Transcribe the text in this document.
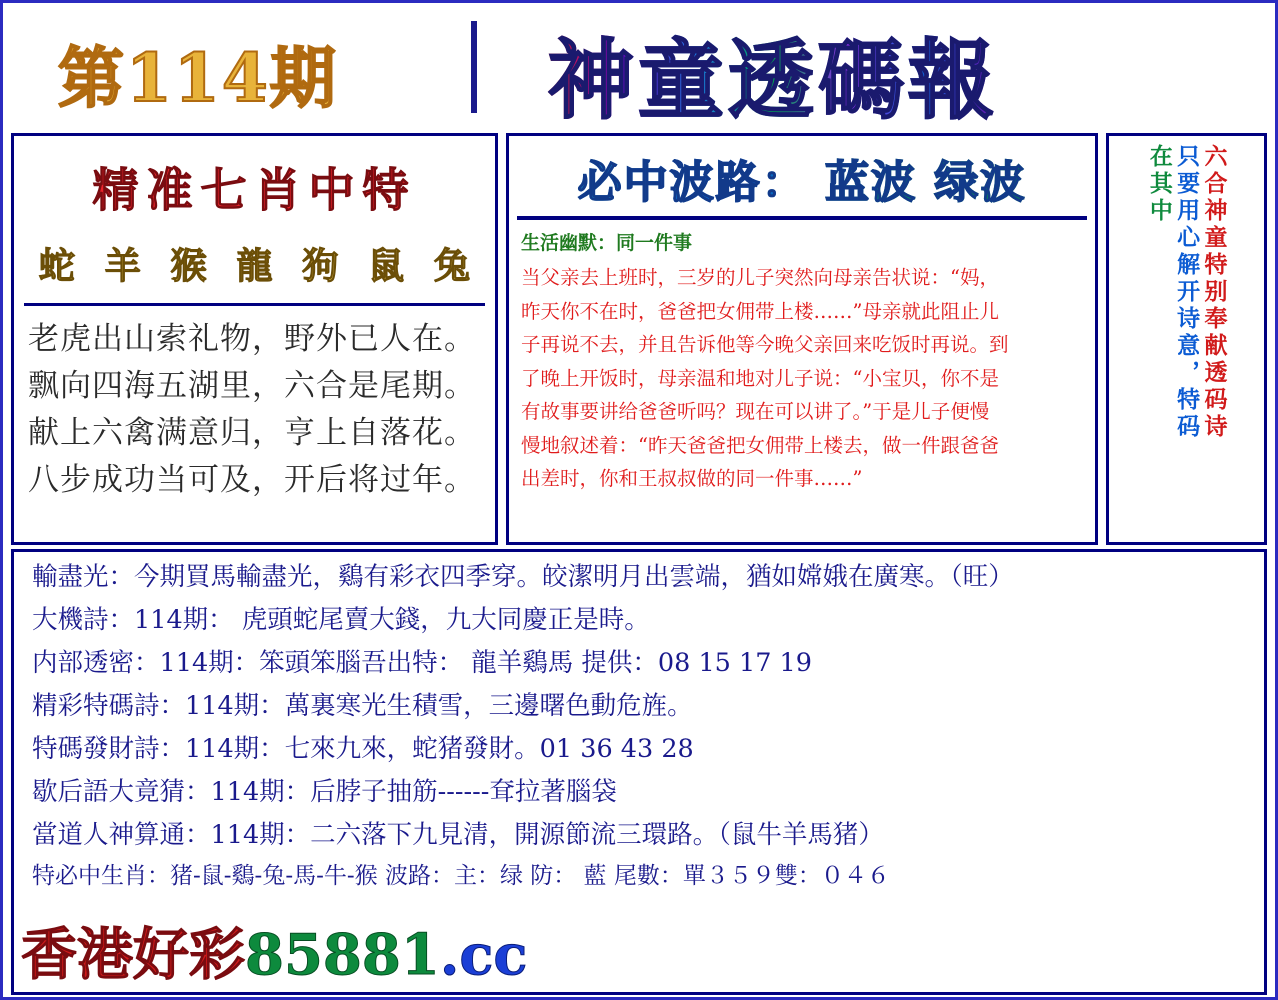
第114期 神童透碼報
精准七肖中特
蛇 羊 猴 龍 狗 鼠 兔
老虎出山索礼物，野外已人在。
飘向四海五湖里，六合是尾期。
献上六禽满意归，亨上自落花。
八步成功当可及，开后将过年。
必中波路： 蓝波 绿波
生活幽默：同一件事
当父亲去上班时，三岁的儿子突然向母亲告状说：“妈，
昨天你不在时，爸爸把女佣带上楼……”母亲就此阻止儿
子再说不去，并且告诉他等今晚父亲回来吃饭时再说。到
了晚上开饭时，母亲温和地对儿子说：“小宝贝，你不是
有故事要讲给爸爸听吗？现在可以讲了。”于是儿子便慢
慢地叙述着：“昨天爸爸把女佣带上楼去，做一件跟爸爸
出差时，你和王叔叔做的同一件事……”
六合神童特别奉献透码诗
只要用心解开诗意，特码
在其中
輸盡光：今期買馬輸盡光，鷄有彩衣四季穿。皎潔明月出雲端，猶如嫦娥在廣寒。（旺）
大機詩：114期： 虎頭蛇尾賣大錢，九大同慶正是時。
内部透密：114期：笨頭笨腦吾出特： 龍羊鷄馬 提供：08 15 17 19
精彩特碼詩：114期：萬裏寒光生積雪，三邊曙色動危旌。
特碼發財詩：114期：七來九來，蛇猪發財。01 36 43 28
歇后語大竟猜：114期：后脖子抽筋------耷拉著腦袋
當道人神算通：114期：二六落下九見清，開源節流三環路。（鼠牛羊馬猪）
特必中生肖：猪-鼠-鷄-兔-馬-牛-猴 波路：主：绿 防： 藍 尾數：單３５９雙：０４６
香港好彩85881.cc
